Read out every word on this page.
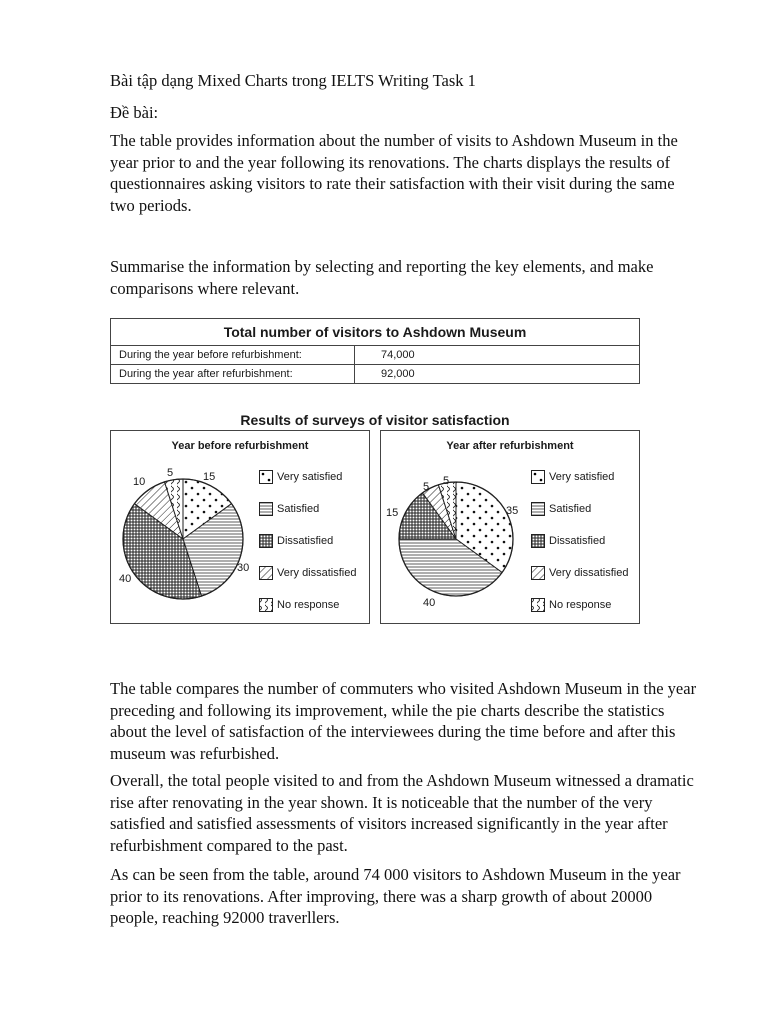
Bài tập dạng Mixed Charts trong IELTS Writing Task 1

Đề bài:

The table provides information about the number of visits to Ashdown Museum in the year prior to and the year following its renovations. The charts displays the results of questionnaires asking visitors to rate their satisfaction with their visit during the same two periods.

Summarise the information by selecting and reporting the key elements, and make comparisons where relevant.

The table compares the number of commuters who visited Ashdown Museum in the year preceding and following its improvement, while the pie charts describe the statistics about the level of satisfaction of the interviewees during the time before and after this museum was refurbished.

Overall, the total people visited to and from the Ashdown Museum witnessed a dramatic rise after renovating in the year shown. It is noticeable that the number of the very satisfied and satisfied assessments of visitors increased significantly in the year after refurbishment compared to the past.

As can be seen from the table, around 74 000 visitors to Ashdown Museum in the year prior to its renovations. After improving, there was a sharp growth of about 20000 people, reaching 92000 traverllers.

Total number of visitors to Ashdown Museum	
During the year before refurbishment:	74,000
During the year after refurbishment:	92,000
Results of surveys of visitor satisfaction
Year before refurbishment
15
30
40
10
5	Very satisfied
Satisfied
Dissatisfied
Very dissatisfied
No response
Year after refurbishment
35
40
15
5 5	Very satisfied
Satisfied
Dissatisfied
Very dissatisfied
No response
